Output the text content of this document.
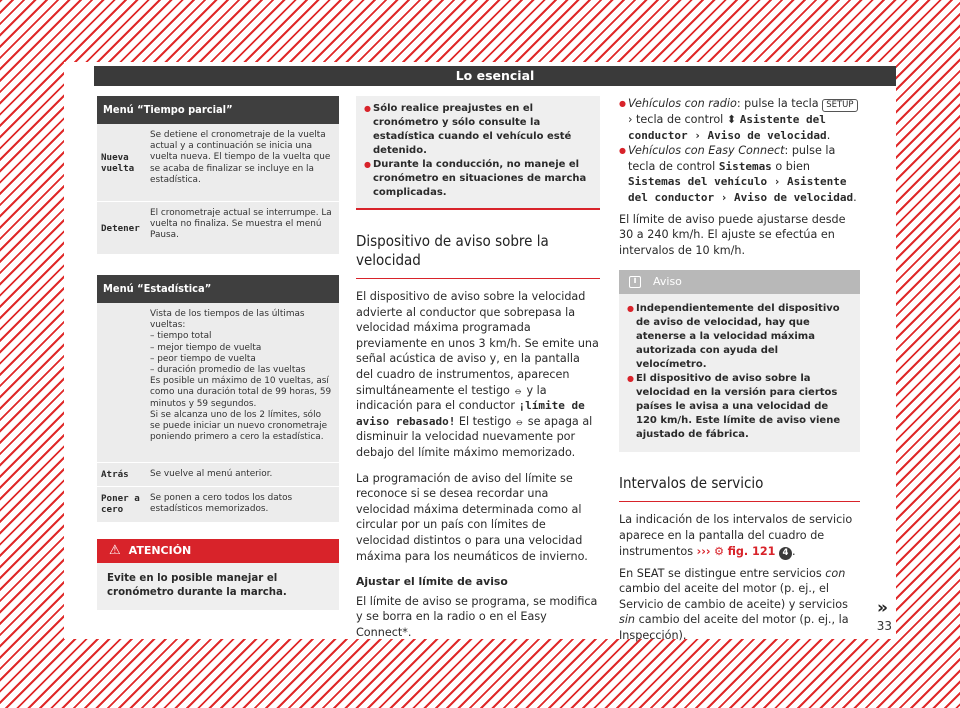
Lo esencial
Menú “Tiempo parcial”
Nueva vuelta
Se detiene el cronometraje de la vuelta actual y a continuación se inicia una vuelta nueva. El tiempo de la vuelta que se acaba de finalizar se incluye en la estadística.
Detener
El cronometraje actual se interrumpe. La vuelta no finaliza. Se muestra el menú Pausa.
Menú “Estadística”
Vista de los tiempos de las últimas vueltas:
– tiempo total
– mejor tiempo de vuelta
– peor tiempo de vuelta
– duración promedio de las vueltas
Es posible un máximo de 10 vueltas, así como una duración total de 99 horas, 59 minutos y 59 segundos.
Si se alcanza uno de los 2 límites, sólo se puede iniciar un nuevo cronometraje poniendo primero a cero la estadística.
Atrás	Se vuelve al menú anterior.
Poner a cero
Se ponen a cero todos los datos estadísticos memorizados.
⚠ ATENCIÓN
Evite en lo posible manejar el cronómetro durante la marcha.
● Sólo realice preajustes en el cronómetro y sólo consulte la estadística cuando el vehículo esté detenido.
● Durante la conducción, no maneje el cronómetro en situaciones de marcha complicadas.
Dispositivo de aviso sobre la velocidad
El dispositivo de aviso sobre la velocidad advierte al conductor que sobrepasa la velocidad máxima programada previamente en unos 3 km/h. Se emite una señal acústica de aviso y, en la pantalla del cuadro de instrumentos, aparecen simultáneamente el testigo ⦵ y la indicación para el conductor ¡límite de aviso rebasado! El testigo ⦵ se apaga al disminuir la velocidad nuevamente por debajo del límite máximo memorizado.
La programación de aviso del límite se reconoce si se desea recordar una velocidad máxima determinada como al circular por un país con límites de velocidad distintos o para una velocidad máxima para los neumáticos de invierno.
Ajustar el límite de aviso
El límite de aviso se programa, se modifica y se borra en la radio o en el Easy Connect*.
● Vehículos con radio: pulse la tecla SETUP › tecla de control ⬍ Asistente del conductor › Aviso de velocidad.
● Vehículos con Easy Connect: pulse la tecla de control Sistemas o bien Sistemas del vehículo › Asistente del conductor › Aviso de velocidad.
El límite de aviso puede ajustarse desde 30 a 240 km/h. El ajuste se efectúa en intervalos de 10 km/h.
i	Aviso
● Independientemente del dispositivo de aviso de velocidad, hay que atenerse a la velocidad máxima autorizada con ayuda del velocímetro.
● El dispositivo de aviso sobre la velocidad en la versión para ciertos países le avisa a una velocidad de 120 km/h. Este límite de aviso viene ajustado de fábrica.
Intervalos de servicio
La indicación de los intervalos de servicio aparece en la pantalla del cuadro de instrumentos ››› ⚙ fig. 121 4 .
En SEAT se distingue entre servicios con cambio del aceite del motor (p. ej., el Servicio de cambio de aceite) y servicios sin cambio del aceite del motor (p. ej., la Inspección).
»
33
